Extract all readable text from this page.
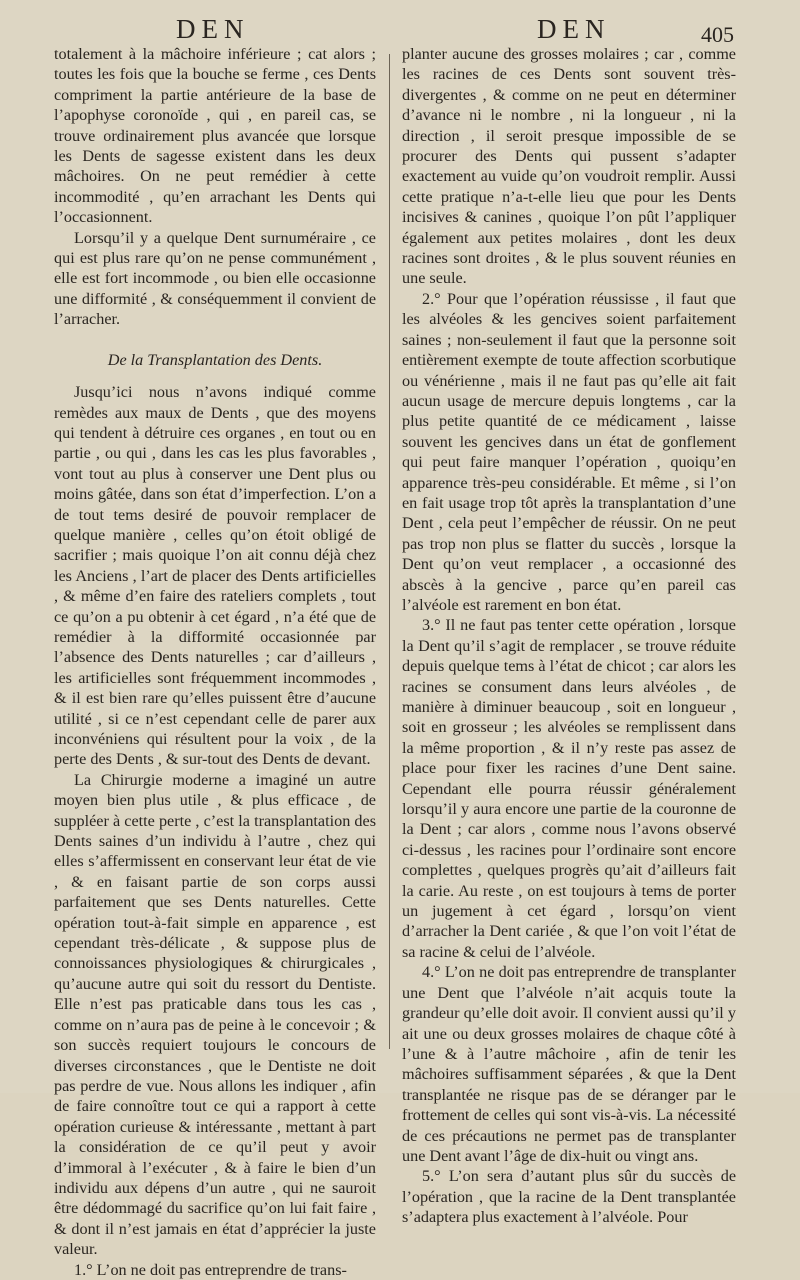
DEN	DEN	405

totalement à la mâchoire inférieure ; cat alors ; toutes les fois que la bouche se ferme , ces Dents compriment la partie antérieure de la base de l’apophyse coronoïde , qui , en pareil cas, se trouve ordinairement plus avancée que lorsque les Dents de sagesse existent dans les deux mâchoires. On ne peut remédier à cette incommodité , qu’en arrachant les Dents qui l’occasionnent.

Lorsqu’il y a quelque Dent surnuméraire , ce qui est plus rare qu’on ne pense communément , elle est fort incommode , ou bien elle occasionne une difformité , & conséquemment il convient de l’arracher.

De la Transplantation des Dents.

Jusqu’ici nous n’avons indiqué comme remèdes aux maux de Dents , que des moyens qui tendent à détruire ces organes , en tout ou en partie , ou qui , dans les cas les plus favorables , vont tout au plus à conserver une Dent plus ou moins gâtée, dans son état d’imperfection. L’on a de tout tems desiré de pouvoir remplacer de quelque manière , celles qu’on étoit obligé de sacrifier ; mais quoique l’on ait connu déjà chez les Anciens , l’art de placer des Dents artificielles , & même d’en faire des rateliers complets , tout ce qu’on a pu obtenir à cet égard , n’a été que de remédier à la difformité occasionnée par l’absence des Dents naturelles ; car d’ailleurs , les artificielles sont fréquemment incommodes , & il est bien rare qu’elles puissent être d’aucune utilité , si ce n’est cependant celle de parer aux inconvéniens qui résultent pour la voix , de la perte des Dents , & sur-tout des Dents de devant.

La Chirurgie moderne a imaginé un autre moyen bien plus utile , & plus efficace , de suppléer à cette perte , c’est la transplantation des Dents saines d’un individu à l’autre , chez qui elles s’affermissent en conservant leur état de vie , & en faisant partie de son corps aussi parfaitement que ses Dents naturelles. Cette opération tout-à-fait simple en apparence , est cependant très-délicate , & suppose plus de connoissances physiologiques & chirurgicales , qu’aucune autre qui soit du ressort du Dentiste. Elle n’est pas praticable dans tous les cas , comme on n’aura pas de peine à le concevoir ; & son succès requiert toujours le concours de diverses circonstances , que le Dentiste ne doit pas perdre de vue. Nous allons les indiquer , afin de faire connoître tout ce qui a rapport à cette opération curieuse & intéressante , mettant à part la considération de ce qu’il peut y avoir d’immoral à l’exécuter , & à faire le bien d’un individu aux dépens d’un autre , qui ne sauroit être dédommagé du sacrifice qu’on lui fait faire , & dont il n’est jamais en état d’apprécier la juste valeur.

1.° L’on ne doit pas entreprendre de trans-

planter aucune des grosses molaires ; car , comme les racines de ces Dents sont souvent très-divergentes , & comme on ne peut en déterminer d’avance ni le nombre , ni la longueur , ni la direction , il seroit presque impossible de se procurer des Dents qui pussent s’adapter exactement au vuide qu’on voudroit remplir. Aussi cette pratique n’a-t-elle lieu que pour les Dents incisives & canines , quoique l’on pût l’appliquer également aux petites molaires , dont les deux racines sont droites , & le plus souvent réunies en une seule.

2.° Pour que l’opération réussisse , il faut que les alvéoles & les gencives soient parfaitement saines ; non-seulement il faut que la personne soit entièrement exempte de toute affection scorbutique ou vénérienne , mais il ne faut pas qu’elle ait fait aucun usage de mercure depuis longtems , car la plus petite quantité de ce médicament , laisse souvent les gencives dans un état de gonflement qui peut faire manquer l’opération , quoiqu’en apparence très-peu considérable. Et même , si l’on en fait usage trop tôt après la transplantation d’une Dent , cela peut l’empêcher de réussir. On ne peut pas trop non plus se flatter du succès , lorsque la Dent qu’on veut remplacer , a occasionné des abscès à la gencive , parce qu’en pareil cas l’alvéole est rarement en bon état.

3.° Il ne faut pas tenter cette opération , lorsque la Dent qu’il s’agit de remplacer , se trouve réduite depuis quelque tems à l’état de chicot ; car alors les racines se consument dans leurs alvéoles , de manière à diminuer beaucoup , soit en longueur , soit en grosseur ; les alvéoles se remplissent dans la même proportion , & il n’y reste pas assez de place pour fixer les racines d’une Dent saine. Cependant elle pourra réussir généralement lorsqu’il y aura encore une partie de la couronne de la Dent ; car alors , comme nous l’avons observé ci-dessus , les racines pour l’ordinaire sont encore complettes , quelques progrès qu’ait d’ailleurs fait la carie. Au reste , on est toujours à tems de porter un jugement à cet égard , lorsqu’on vient d’arracher la Dent cariée , & que l’on voit l’état de sa racine & celui de l’alvéole.

4.° L’on ne doit pas entreprendre de transplanter une Dent que l’alvéole n’ait acquis toute la grandeur qu’elle doit avoir. Il convient aussi qu’il y ait une ou deux grosses molaires de chaque côté à l’une & à l’autre mâchoire , afin de tenir les mâchoires suffisamment séparées , & que la Dent transplantée ne risque pas de se déranger par le frottement de celles qui sont vis-à-vis. La nécessité de ces précautions ne permet pas de transplanter une Dent avant l’âge de dix-huit ou vingt ans.

5.° L’on sera d’autant plus sûr du succès de l’opération , que la racine de la Dent transplantée s’adaptera plus exactement à l’alvéole. Pour
